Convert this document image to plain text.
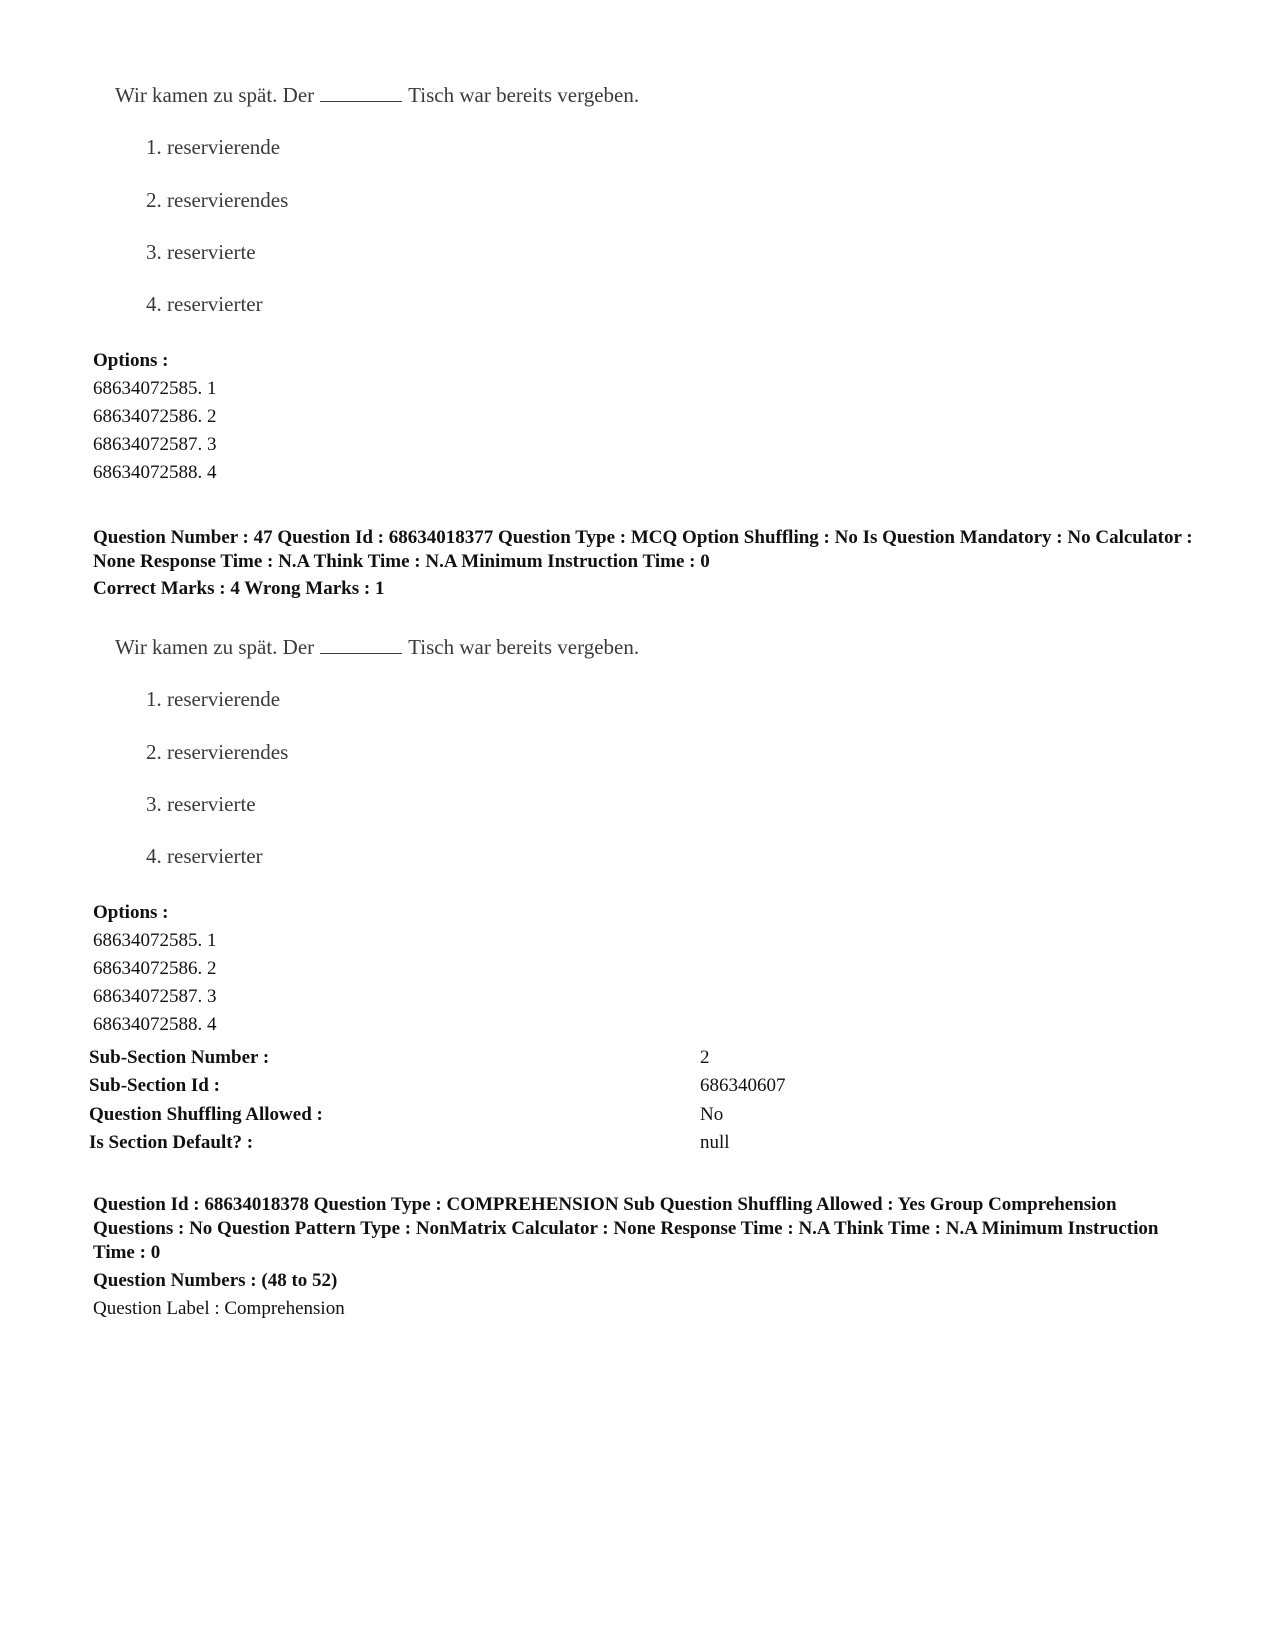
Wir kamen zu spät. Der	Tisch war bereits vergeben.
1. reservierende
2. reservierendes
3. reservierte
4. reservierter
Options :
68634072585. 1
68634072586. 2
68634072587. 3
68634072588. 4
Question Number : 47 Question Id : 68634018377 Question Type : MCQ Option Shuffling : No Is Question Mandatory : No Calculator : None Response Time : N.A Think Time : N.A Minimum Instruction Time : 0
Correct Marks : 4 Wrong Marks : 1
Wir kamen zu spät. Der	Tisch war bereits vergeben.
1. reservierende
2. reservierendes
3. reservierte
4. reservierter
Options :
68634072585. 1
68634072586. 2
68634072587. 3
68634072588. 4
Sub-Section Number :	2
Sub-Section Id :	686340607
Question Shuffling Allowed :	No
Is Section Default? :	null
Question Id : 68634018378 Question Type : COMPREHENSION Sub Question Shuffling Allowed : Yes Group Comprehension Questions : No Question Pattern Type : NonMatrix Calculator : None Response Time : N.A Think Time : N.A Minimum Instruction Time : 0
Question Numbers : (48 to 52)
Question Label : Comprehension
